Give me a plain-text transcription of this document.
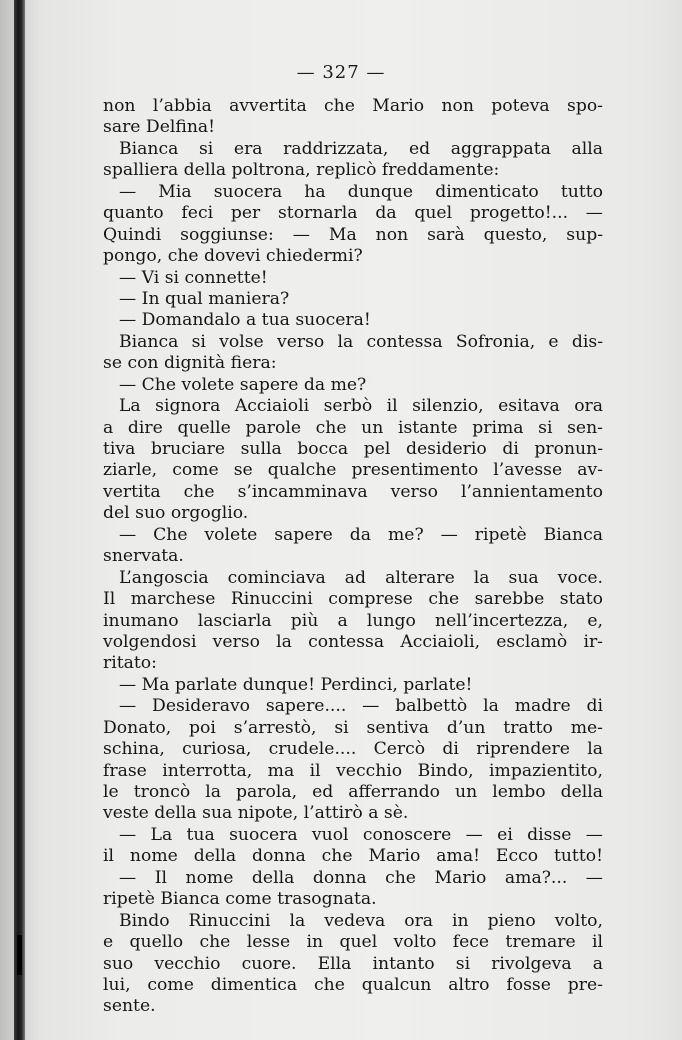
— 327 —
non l’abbia avvertita che Mario non poteva spo-
sare Delfina!
Bianca si era raddrizzata, ed aggrappata alla
spalliera della poltrona, replicò freddamente:
— Mia suocera ha dunque dimenticato tutto
quanto feci per stornarla da quel progetto!... —
Quindi soggiunse: — Ma non sarà questo, sup-
pongo, che dovevi chiedermi?
— Vi si connette!
— In qual maniera?
— Domandalo a tua suocera!
Bianca si volse verso la contessa Sofronia, e dis-
se con dignità fiera:
— Che volete sapere da me?
La signora Acciaioli serbò il silenzio, esitava ora
a dire quelle parole che un istante prima si sen-
tiva bruciare sulla bocca pel desiderio di pronun-
ziarle, come se qualche presentimento l’avesse av-
vertita che s’incamminava verso l’annientamento
del suo orgoglio.
— Che volete sapere da me? — ripetè Bianca
snervata.
L’angoscia cominciava ad alterare la sua voce.
Il marchese Rinuccini comprese che sarebbe stato
inumano lasciarla più a lungo nell’incertezza, e,
volgendosi verso la contessa Acciaioli, esclamò ir-
ritato:
— Ma parlate dunque! Perdinci, parlate!
— Desideravo sapere.... — balbettò la madre di
Donato, poi s’arrestò, si sentiva d’un tratto me-
schina, curiosa, crudele.... Cercò di riprendere la
frase interrotta, ma il vecchio Bindo, impazientito,
le troncò la parola, ed afferrando un lembo della
veste della sua nipote, l’attirò a sè.
— La tua suocera vuol conoscere — ei disse —
il nome della donna che Mario ama! Ecco tutto!
— Il nome della donna che Mario ama?... —
ripetè Bianca come trasognata.
Bindo Rinuccini la vedeva ora in pieno volto,
e quello che lesse in quel volto fece tremare il
suo vecchio cuore. Ella intanto si rivolgeva a
lui, come dimentica che qualcun altro fosse pre-
sente.
